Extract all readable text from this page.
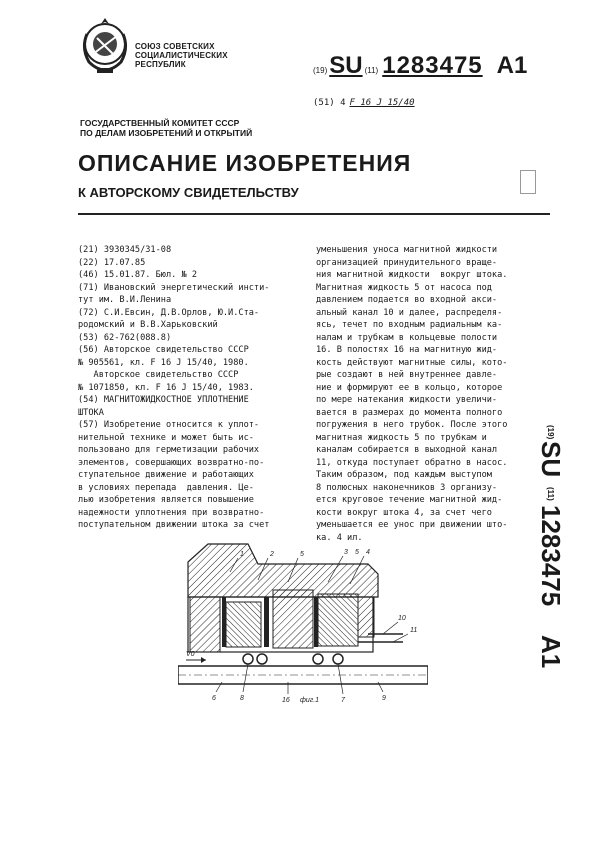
СОЮЗ СОВЕТСКИХ
СОЦИАЛИСТИЧЕСКИХ
РЕСПУБЛИК
(19) SU (11) 1283475 A1
(51) 4 F 16 J 15/40
ГОСУДАРСТВЕННЫЙ КОМИТЕТ СССР
ПО ДЕЛАМ ИЗОБРЕТЕНИЙ И ОТКРЫТИЙ
ОПИСАНИЕ ИЗОБРЕТЕНИЯ
К АВТОРСКОМУ СВИДЕТЕЛЬСТВУ
(21) 3930345/31-08
(22) 17.07.85
(46) 15.01.87. Бюл. № 2
(71) Ивановский энергетический инсти-
тут им. В.И.Ленина
(72) С.И.Евсин, Д.В.Орлов, Ю.И.Ста-
родомский и В.В.Харьковский
(53) 62-762(088.8)
(56) Авторское свидетельство СССР
№ 905561, кл. F 16 J 15/40, 1980.
Авторское свидетельство СССР
№ 1071850, кл. F 16 J 15/40, 1983.
(54) МАГНИТОЖИДКОСТНОЕ УПЛОТНЕНИЕ
ШТОКА
(57) Изобретение относится к уплот-
нительной технике и может быть ис-
пользовано для герметизации рабочих
элементов, совершающих возвратно-по-
ступательное движение и работающих
в условиях перепада  давления. Це-
лью изобретения является повышение
надежности уплотнения при возвратно-
поступательном движении штока за счет
уменьшения уноса магнитной жидкости
организацией принудительного враще-
ния магнитной жидкости  вокруг штока.
Магнитная жидкость 5 от насоса под
давлением подается во входной акси-
альный канал 10 и далее, распределя-
ясь, течет по входным радиальным ка-
налам и трубкам в кольцевые полости
16. В полостях 16 на магнитную жид-
кость действуют магнитные силы, кото-
рые создают в ней внутреннее давле-
ние и формируют ее в кольцо, которое
по мере натекания жидкости увеличи-
вается в размерах до момента полного
погружения в него трубок. После этого
магнитная жидкость 5 по трубкам и
каналам собирается в выходной канал
11, откуда поступает обратно в насос.
Таким образом, под каждым выступом
8 полюсных наконечников 3 организу-
ется круговое течение магнитной жид-
кости вокруг штока 4, за счет чего
уменьшается ее унос при движении што-
ка. 4 ил.
(19)
SU
(11)
1283475
A1
1	2	5	3 5 4
10
11
6	8	16	7	9
V0
фиг.1
